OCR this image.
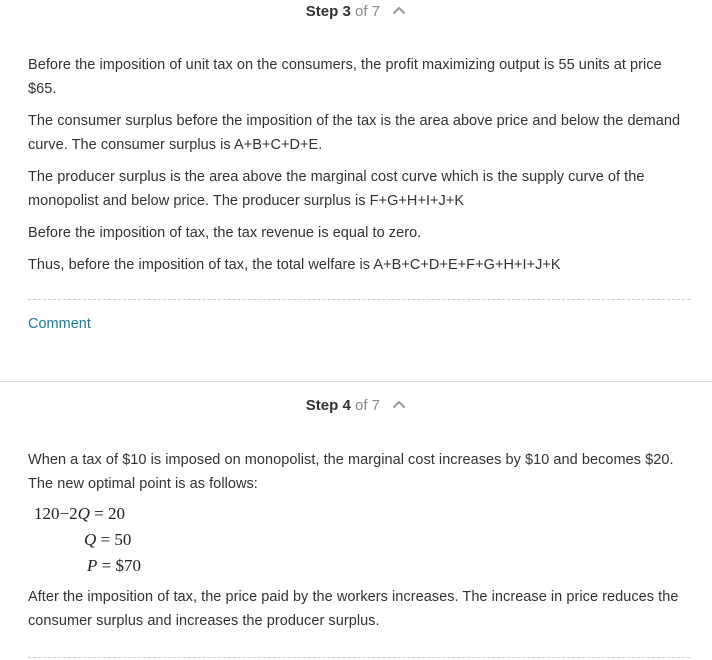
Step 3 of 7

Before the imposition of unit tax on the consumers, the profit maximizing output is 55 units at price $65.

The consumer surplus before the imposition of the tax is the area above price and below the demand curve. The consumer surplus is A+B+C+D+E.

The producer surplus is the area above the marginal cost curve which is the supply curve of the monopolist and below price. The producer surplus is F+G+H+I+J+K

Before the imposition of tax, the tax revenue is equal to zero.

Thus, before the imposition of tax, the total welfare is A+B+C+D+E+F+G+H+I+J+K

Comment
Step 4 of 7

When a tax of $10 is imposed on monopolist, the marginal cost increases by $10 and becomes $20. The new optimal point is as follows:

120−2Q = 20
Q = 50
P = $70

After the imposition of tax, the price paid by the workers increases. The increase in price reduces the consumer surplus and increases the producer surplus.
